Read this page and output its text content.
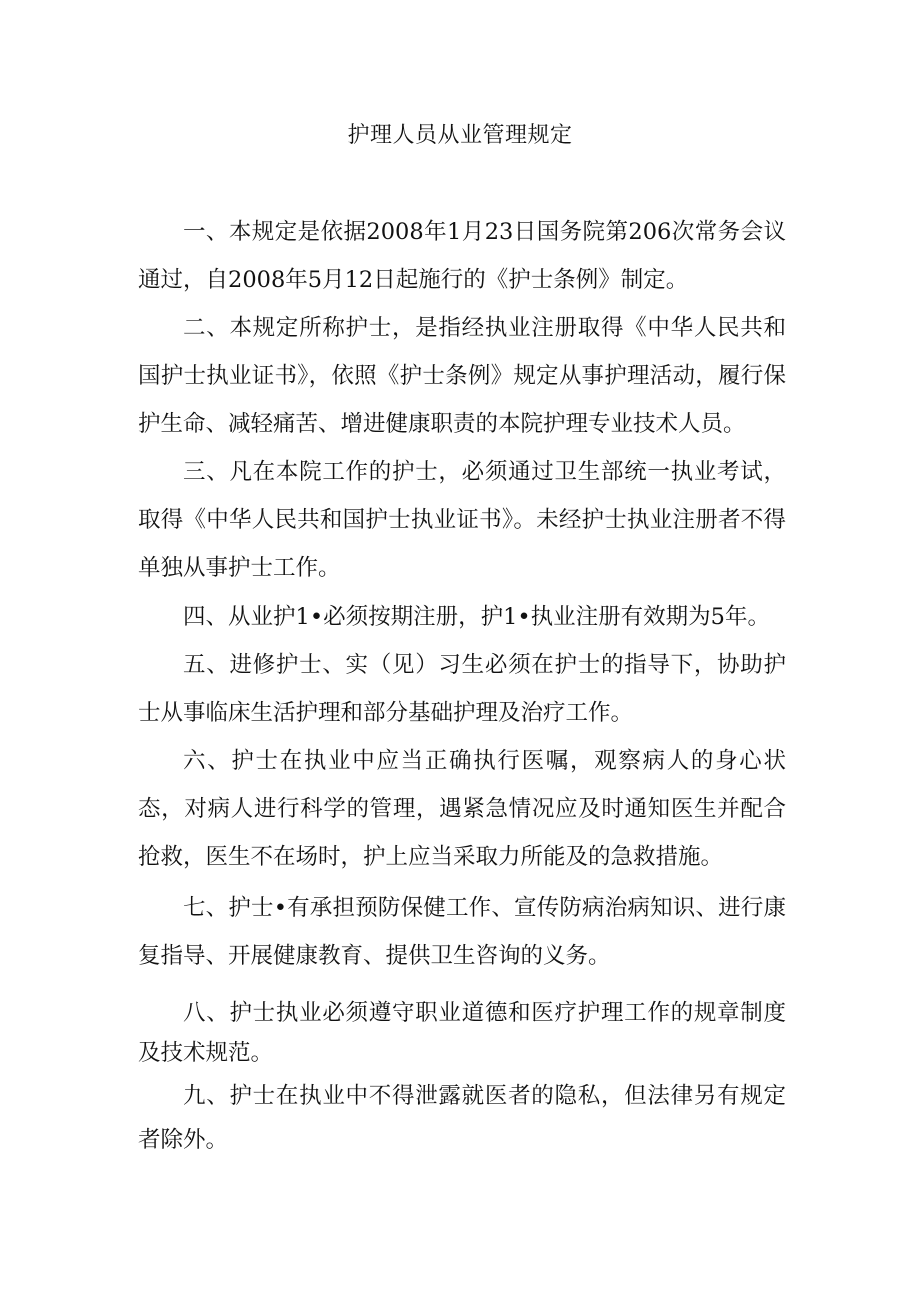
护理人员从业管理规定

一、本规定是依据2008年1月23日国务院第206次常务会议通过，自2008年5月12日起施行的《护士条例》制定。

二、本规定所称护士，是指经执业注册取得《中华人民共和国护士执业证书》，依照《护士条例》规定从事护理活动，履行保护生命、减轻痛苦、增进健康职责的本院护理专业技术人员。

三、凡在本院工作的护士，必须通过卫生部统一执业考试，取得《中华人民共和国护士执业证书》。未经护士执业注册者不得单独从事护士工作。

四、从业护1•必须按期注册，护1•执业注册有效期为5年。

五、进修护士、实（见）习生必须在护士的指导下，协助护士从事临床生活护理和部分基础护理及治疗工作。

六、护士在执业中应当正确执行医嘱，观察病人的身心状态，对病人进行科学的管理，遇紧急情况应及时通知医生并配合抢救，医生不在场时，护上应当采取力所能及的急救措施。

七、护士•有承担预防保健工作、宣传防病治病知识、进行康复指导、开展健康教育、提供卫生咨询的义务。

八、护士执业必须遵守职业道德和医疗护理工作的规章制度及技术规范。

九、护士在执业中不得泄露就医者的隐私，但法律另有规定者除外。
